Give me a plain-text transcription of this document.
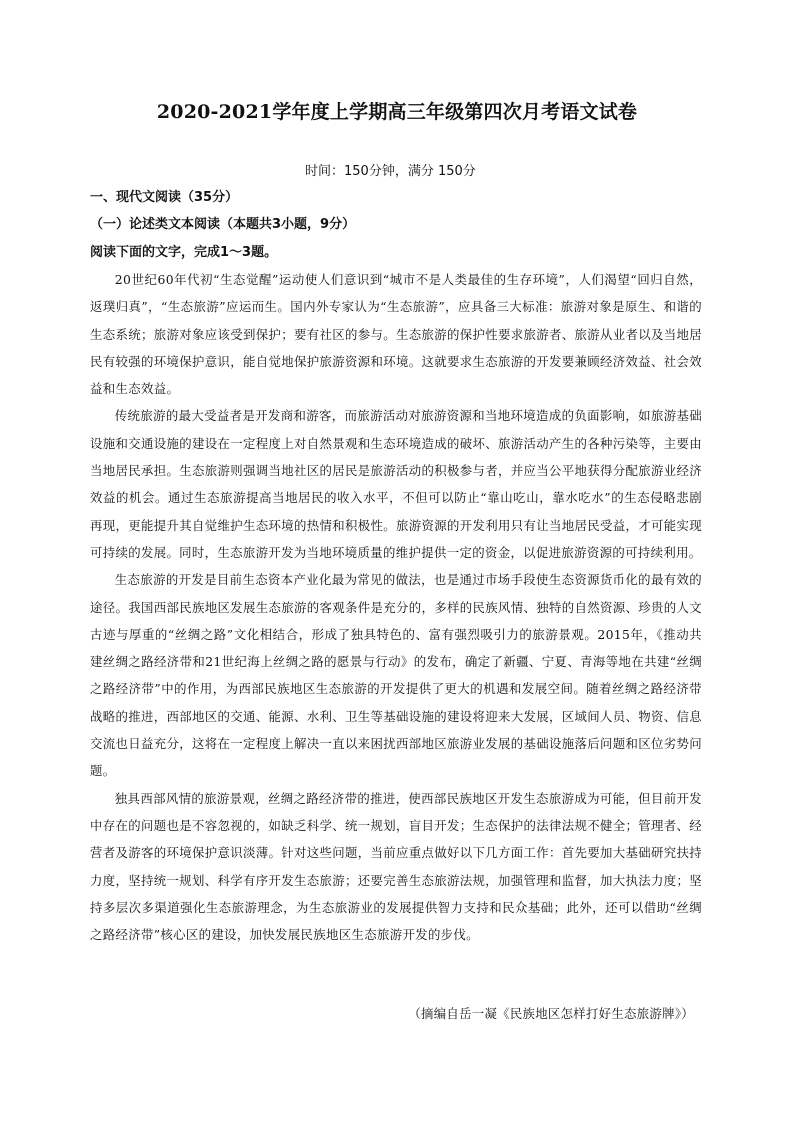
2020-2021学年度上学期高三年级第四次月考语文试卷
时间：150分钟，满分 150分
一、现代文阅读（35分）
（一）论述类文本阅读（本题共3小题，9分）
阅读下面的文字，完成1～3题。

20世纪60年代初“生态觉醒”运动使人们意识到“城市不是人类最佳的生存环境”，人们渴望“回归自然，返璞归真”，“生态旅游”应运而生。国内外专家认为“生态旅游”，应具备三大标准：旅游对象是原生、和谐的生态系统；旅游对象应该受到保护；要有社区的参与。生态旅游的保护性要求旅游者、旅游从业者以及当地居民有较强的环境保护意识，能自觉地保护旅游资源和环境。这就要求生态旅游的开发要兼顾经济效益、社会效益和生态效益。

传统旅游的最大受益者是开发商和游客，而旅游活动对旅游资源和当地环境造成的负面影响，如旅游基础设施和交通设施的建设在一定程度上对自然景观和生态环境造成的破坏、旅游活动产生的各种污染等，主要由当地居民承担。生态旅游则强调当地社区的居民是旅游活动的积极参与者，并应当公平地获得分配旅游业经济效益的机会。通过生态旅游提高当地居民的收入水平，不但可以防止“靠山吃山，靠水吃水”的生态侵略悲剧再现，更能提升其自觉维护生态环境的热情和积极性。旅游资源的开发利用只有让当地居民受益，才可能实现可持续的发展。同时，生态旅游开发为当地环境质量的维护提供一定的资金，以促进旅游资源的可持续利用。

生态旅游的开发是目前生态资本产业化最为常见的做法，也是通过市场手段使生态资源货币化的最有效的途径。我国西部民族地区发展生态旅游的客观条件是充分的，多样的民族风情、独特的自然资源、珍贵的人文古迹与厚重的“丝绸之路”文化相结合，形成了独具特色的、富有强烈吸引力的旅游景观。2015年，《推动共建丝绸之路经济带和21世纪海上丝绸之路的愿景与行动》的发布，确定了新疆、宁夏、青海等地在共建“丝绸之路经济带”中的作用，为西部民族地区生态旅游的开发提供了更大的机遇和发展空间。随着丝绸之路经济带战略的推进，西部地区的交通、能源、水利、卫生等基础设施的建设将迎来大发展，区域间人员、物资、信息交流也日益充分，这将在一定程度上解决一直以来困扰西部地区旅游业发展的基础设施落后问题和区位劣势问题。

独具西部风情的旅游景观，丝绸之路经济带的推进，使西部民族地区开发生态旅游成为可能，但目前开发中存在的问题也是不容忽视的，如缺乏科学、统一规划，盲目开发；生态保护的法律法规不健全；管理者、经营者及游客的环境保护意识淡薄。针对这些问题，当前应重点做好以下几方面工作：首先要加大基础研究扶持力度，坚持统一规划、科学有序开发生态旅游；还要完善生态旅游法规，加强管理和监督，加大执法力度；坚持多层次多渠道强化生态旅游理念，为生态旅游业的发展提供智力支持和民众基础；此外，还可以借助“丝绸之路经济带”核心区的建设，加快发展民族地区生态旅游开发的步伐。

（摘编自岳一凝《民族地区怎样打好生态旅游牌》）
